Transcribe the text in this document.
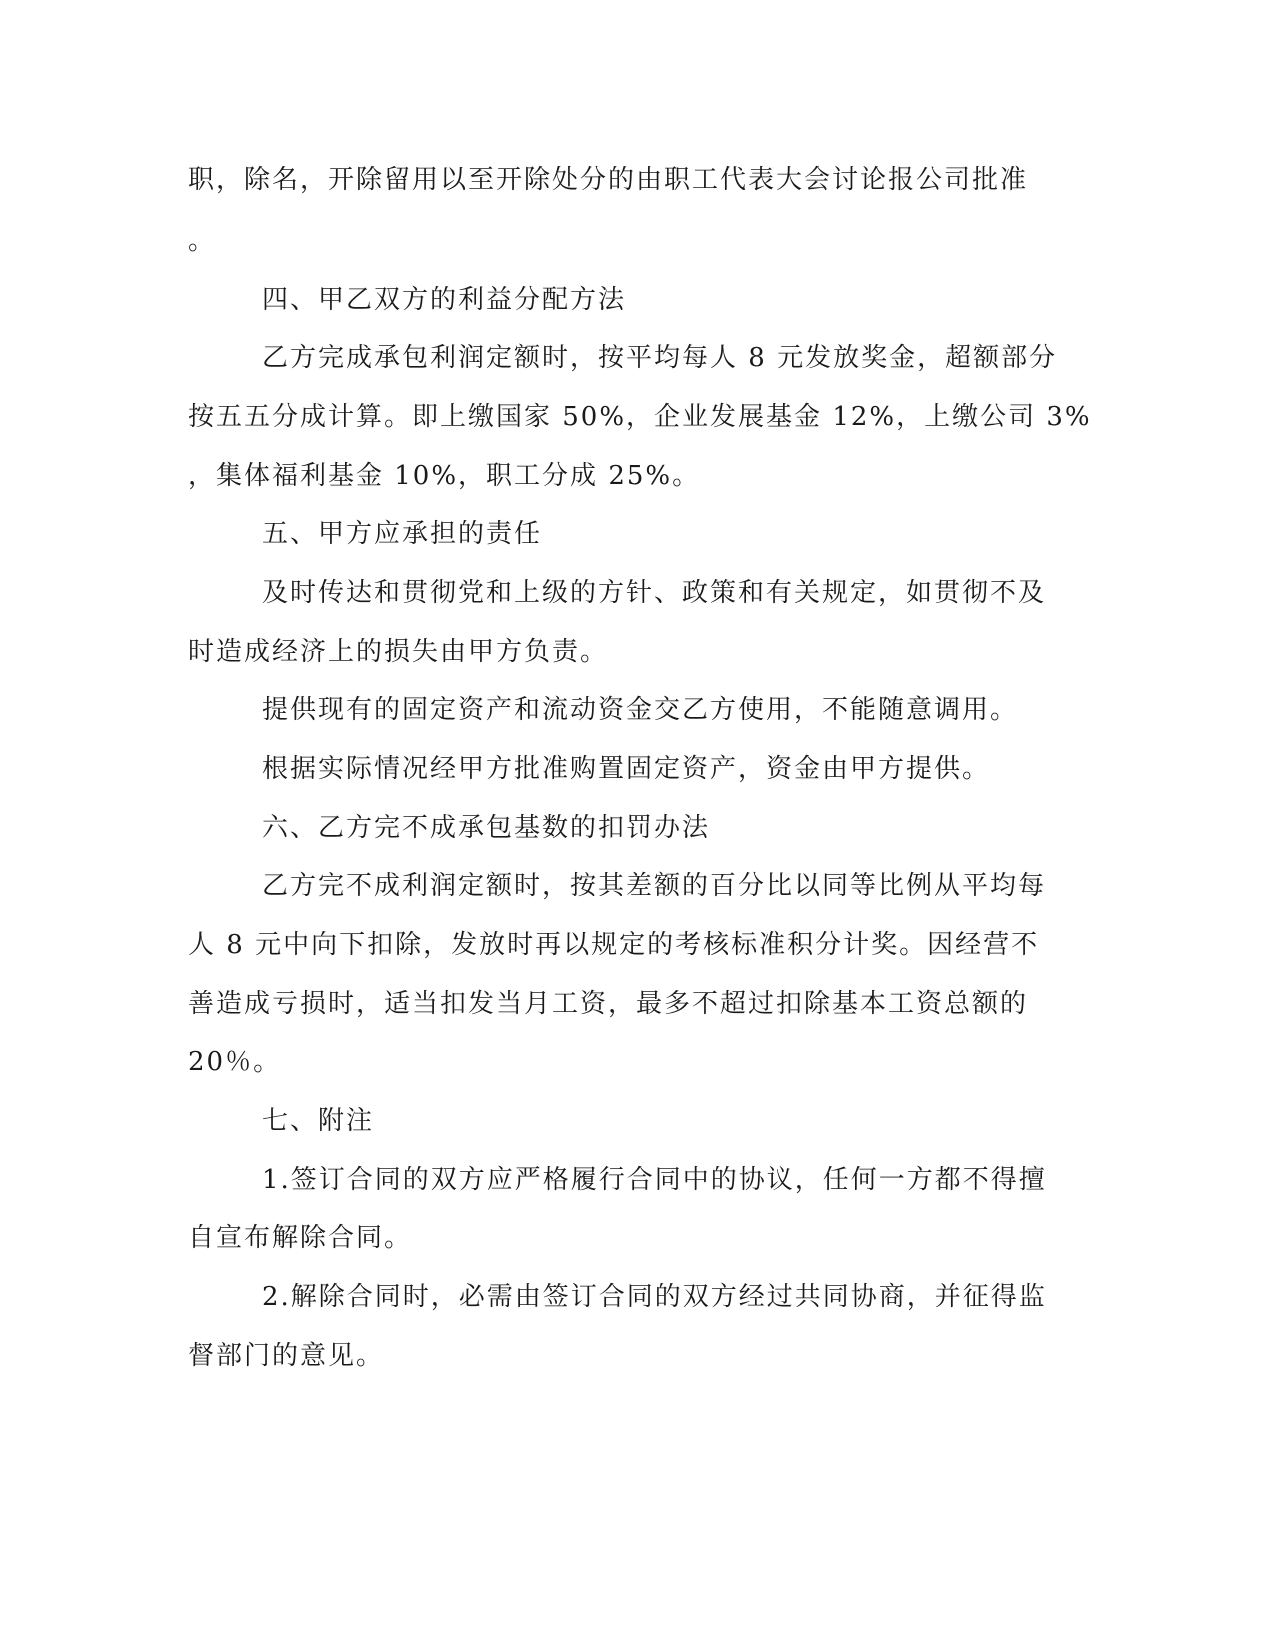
职，除名，开除留用以至开除处分的由职工代表大会讨论报公司批准
。
四、甲乙双方的利益分配方法
乙方完成承包利润定额时，按平均每人 8 元发放奖金，超额部分
按五五分成计算。即上缴国家 50%，企业发展基金 12%，上缴公司 3%
，集体福利基金 10%，职工分成 25%。
五、甲方应承担的责任
及时传达和贯彻党和上级的方针、政策和有关规定，如贯彻不及
时造成经济上的损失由甲方负责。
提供现有的固定资产和流动资金交乙方使用，不能随意调用。
根据实际情况经甲方批准购置固定资产，资金由甲方提供。
六、乙方完不成承包基数的扣罚办法
乙方完不成利润定额时，按其差额的百分比以同等比例从平均每
人 8 元中向下扣除，发放时再以规定的考核标准积分计奖。因经营不
善造成亏损时，适当扣发当月工资，最多不超过扣除基本工资总额的
20％。
七、附注
1.签订合同的双方应严格履行合同中的协议，任何一方都不得擅
自宣布解除合同。
2.解除合同时，必需由签订合同的双方经过共同协商，并征得监
督部门的意见。
